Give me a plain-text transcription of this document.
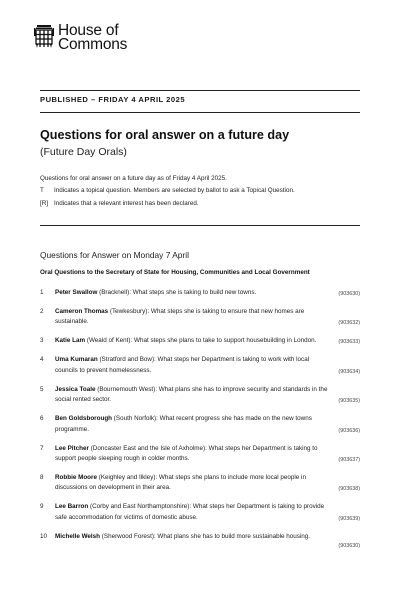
House of
Commons
PUBLISHED – FRIDAY 4 APRIL 2025
Questions for oral answer on a future day
(Future Day Orals)
Questions for oral answer on a future day as of Friday 4 April 2025.
T Indicates a topical question. Members are selected by ballot to ask a Topical Question.
[R] Indicates that a relevant interest has been declared.
Questions for Answer on Monday 7 April
Oral Questions to the Secretary of State for Housing, Communities and Local Government
1 Peter Swallow (Bracknell): What steps she is taking to build new towns.	(903630)
2 Cameron Thomas (Tewkesbury): What steps she is taking to ensure that new homes are sustainable.	(903632)
3 Katie Lam (Weald of Kent): What steps she plans to take to support housebuilding in London.	(903633)
4 Uma Kumaran (Stratford and Bow): What steps her Department is taking to work with local councils to prevent homelessness.	(903634)
5 Jessica Toale (Bournemouth West): What plans she has to improve security and standards in the social rented sector.	(903635)
6 Ben Goldsborough (South Norfolk): What recent progress she has made on the new towns programme.	(903636)
7 Lee Pitcher (Doncaster East and the Isle of Axholme): What steps her Department is taking to support people sleeping rough in colder months.	(903637)
8 Robbie Moore (Keighley and Ilkley): What steps she plans to include more local people in discussions on development in their area.	(903638)
9 Lee Barron (Corby and East Northamptonshire): What steps her Department is taking to provide safe accommodation for victims of domestic abuse.	(903639)
10 Michelle Welsh (Sherwood Forest): What plans she has to build more sustainable housing.
(903630)
